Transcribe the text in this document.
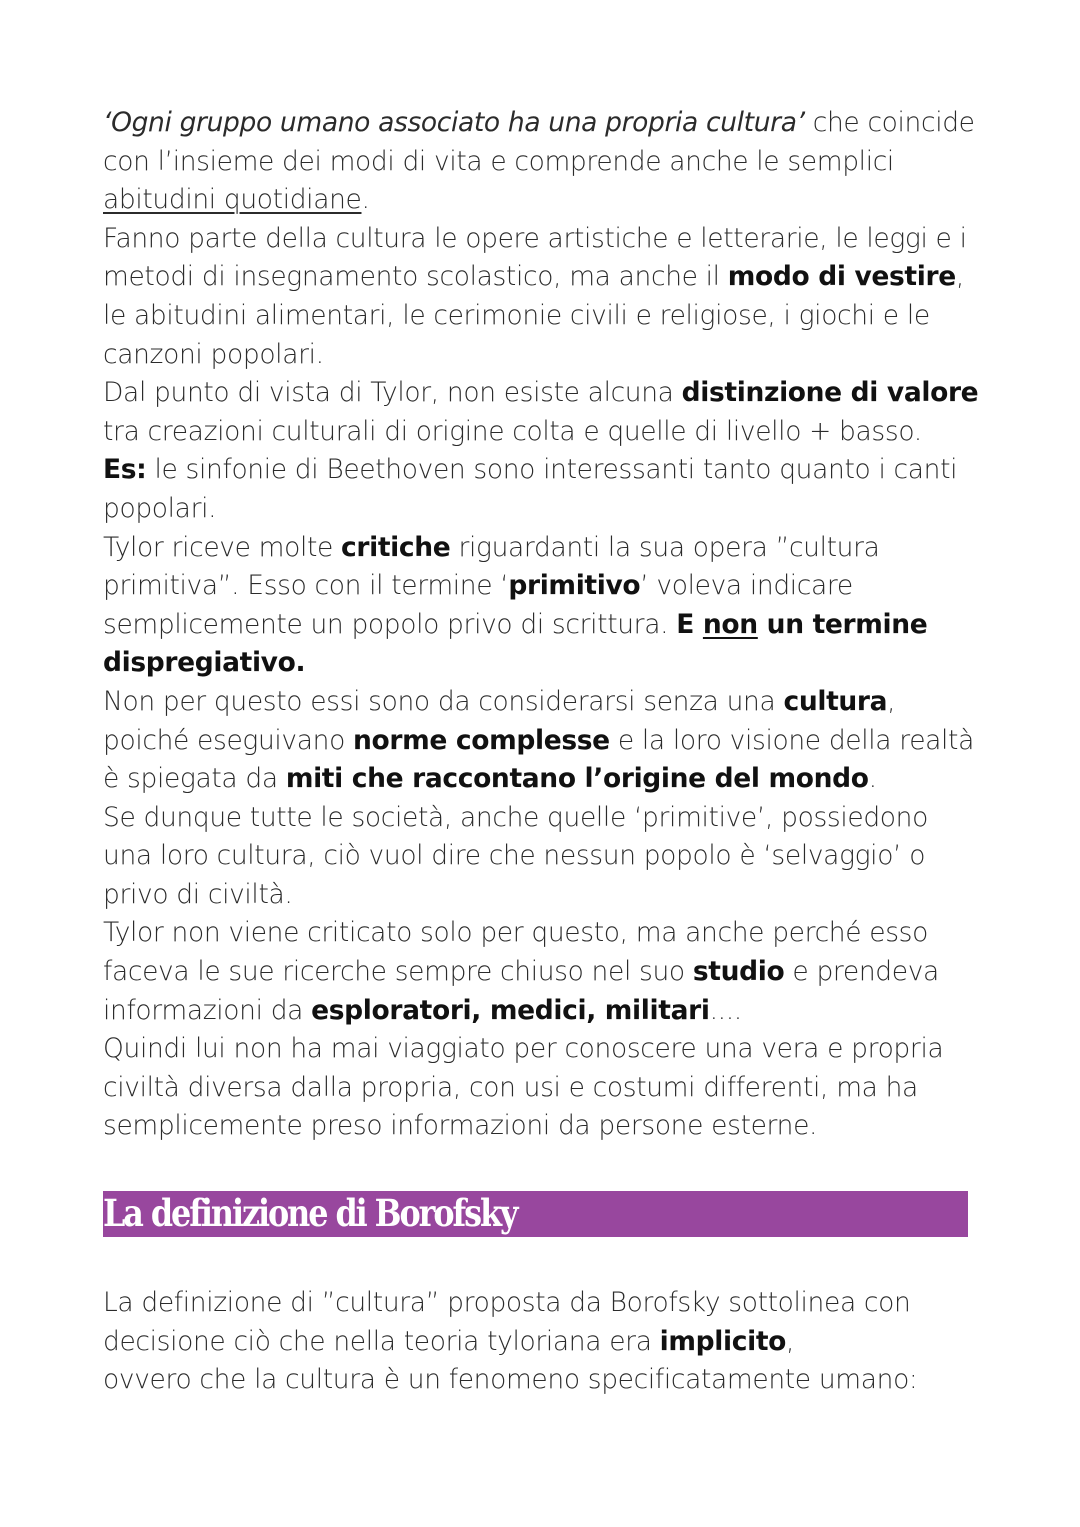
‘Ogni gruppo umano associato ha una propria cultura’ che coincide con l’insieme dei modi di vita e comprende anche le semplici abitudini quotidiane.

Fanno parte della cultura le opere artistiche e letterarie, le leggi e i metodi di insegnamento scolastico, ma anche il modo di vestire, le abitudini alimentari, le cerimonie civili e religiose, i giochi e le canzoni popolari.

Dal punto di vista di Tylor, non esiste alcuna distinzione di valore tra creazioni culturali di origine colta e quelle di livello + basso.

Es: le sinfonie di Beethoven sono interessanti tanto quanto i canti popolari.

Tylor riceve molte critiche riguardanti la sua opera ”cultura primitiva”. Esso con il termine ‘primitivo’ voleva indicare semplicemente un popolo privo di scrittura. E non un termine dispregiativo.

Non per questo essi sono da considerarsi senza una cultura, poiché eseguivano norme complesse e la loro visione della realtà è spiegata da miti che raccontano l’origine del mondo.

Se dunque tutte le società, anche quelle ‘primitive’, possiedono una loro cultura, ciò vuol dire che nessun popolo è ‘selvaggio’ o privo di civiltà.

Tylor non viene criticato solo per questo, ma anche perché esso faceva le sue ricerche sempre chiuso nel suo studio e prendeva informazioni da esploratori, medici, militari....

Quindi lui non ha mai viaggiato per conoscere una vera e propria civiltà diversa dalla propria, con usi e costumi differenti, ma ha semplicemente preso informazioni da persone esterne.

La definizione di Borofsky

La definizione di ”cultura” proposta da Borofsky sottolinea con decisione ciò che nella teoria tyloriana era implicito,

ovvero che la cultura è un fenomeno specificatamente umano:
